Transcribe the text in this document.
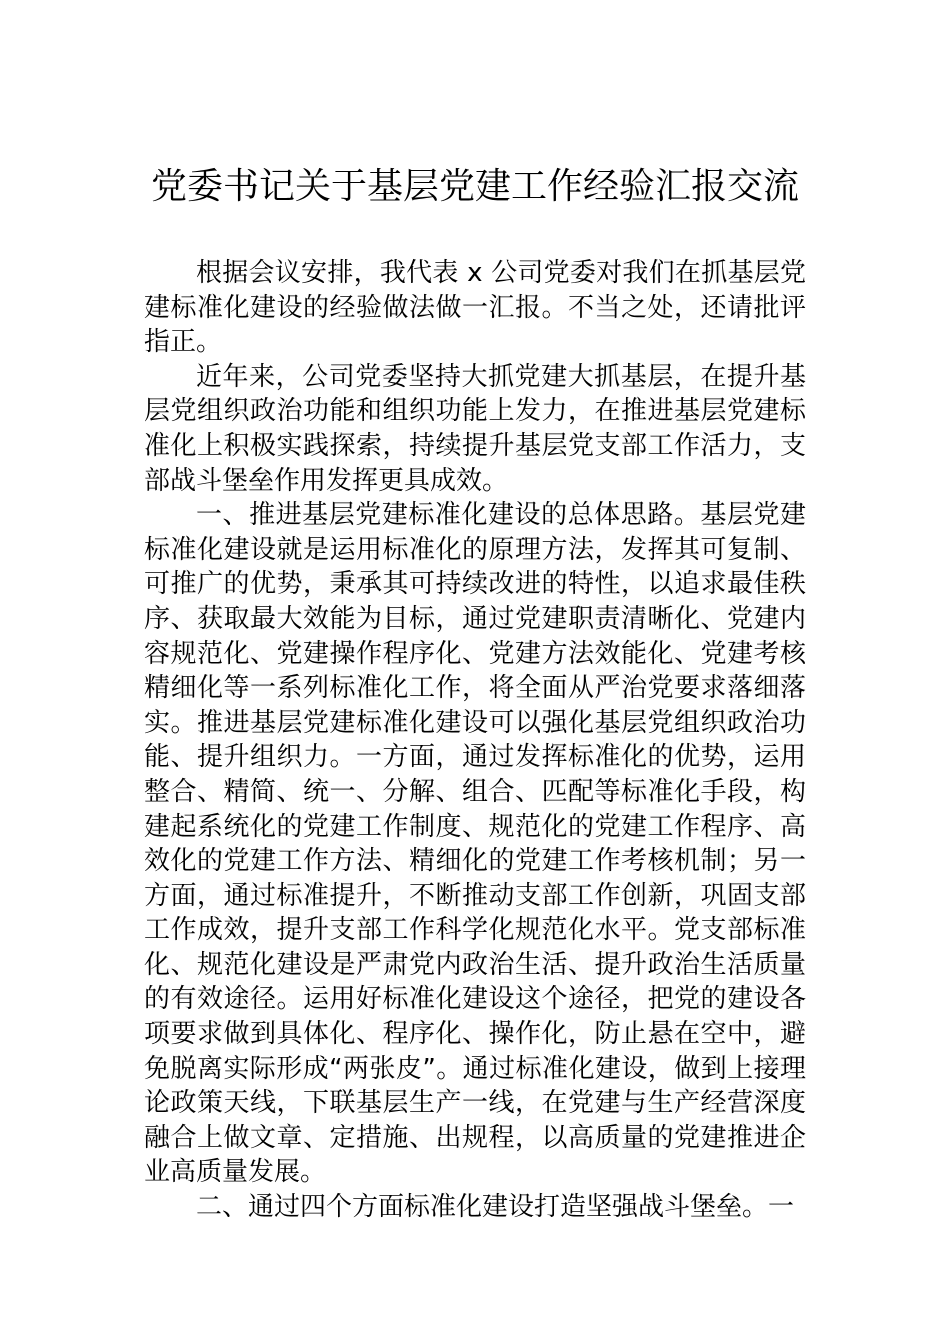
党委书记关于基层党建工作经验汇报交流

根据会议安排，我代表 x 公司党委对我们在抓基层党建标准化建设的经验做法做一汇报。不当之处，还请批评指正。

近年来，公司党委坚持大抓党建大抓基层，在提升基层党组织政治功能和组织功能上发力，在推进基层党建标准化上积极实践探索，持续提升基层党支部工作活力，支部战斗堡垒作用发挥更具成效。

一、推进基层党建标准化建设的总体思路。基层党建标准化建设就是运用标准化的原理方法，发挥其可复制、可推广的优势，秉承其可持续改进的特性，以追求最佳秩序、获取最大效能为目标，通过党建职责清晰化、党建内容规范化、党建操作程序化、党建方法效能化、党建考核精细化等一系列标准化工作，将全面从严治党要求落细落实。推进基层党建标准化建设可以强化基层党组织政治功能、提升组织力。一方面，通过发挥标准化的优势，运用整合、精简、统一、分解、组合、匹配等标准化手段，构建起系统化的党建工作制度、规范化的党建工作程序、高效化的党建工作方法、精细化的党建工作考核机制；另一方面，通过标准提升，不断推动支部工作创新，巩固支部工作成效，提升支部工作科学化规范化水平。党支部标准化、规范化建设是严肃党内政治生活、提升政治生活质量的有效途径。运用好标准化建设这个途径，把党的建设各项要求做到具体化、程序化、操作化，防止悬在空中，避免脱离实际形成“两张皮”。通过标准化建设，做到上接理论政策天线，下联基层生产一线，在党建与生产经营深度融合上做文章、定措施、出规程，以高质量的党建推进企业高质量发展。

二、通过四个方面标准化建设打造坚强战斗堡垒。一
